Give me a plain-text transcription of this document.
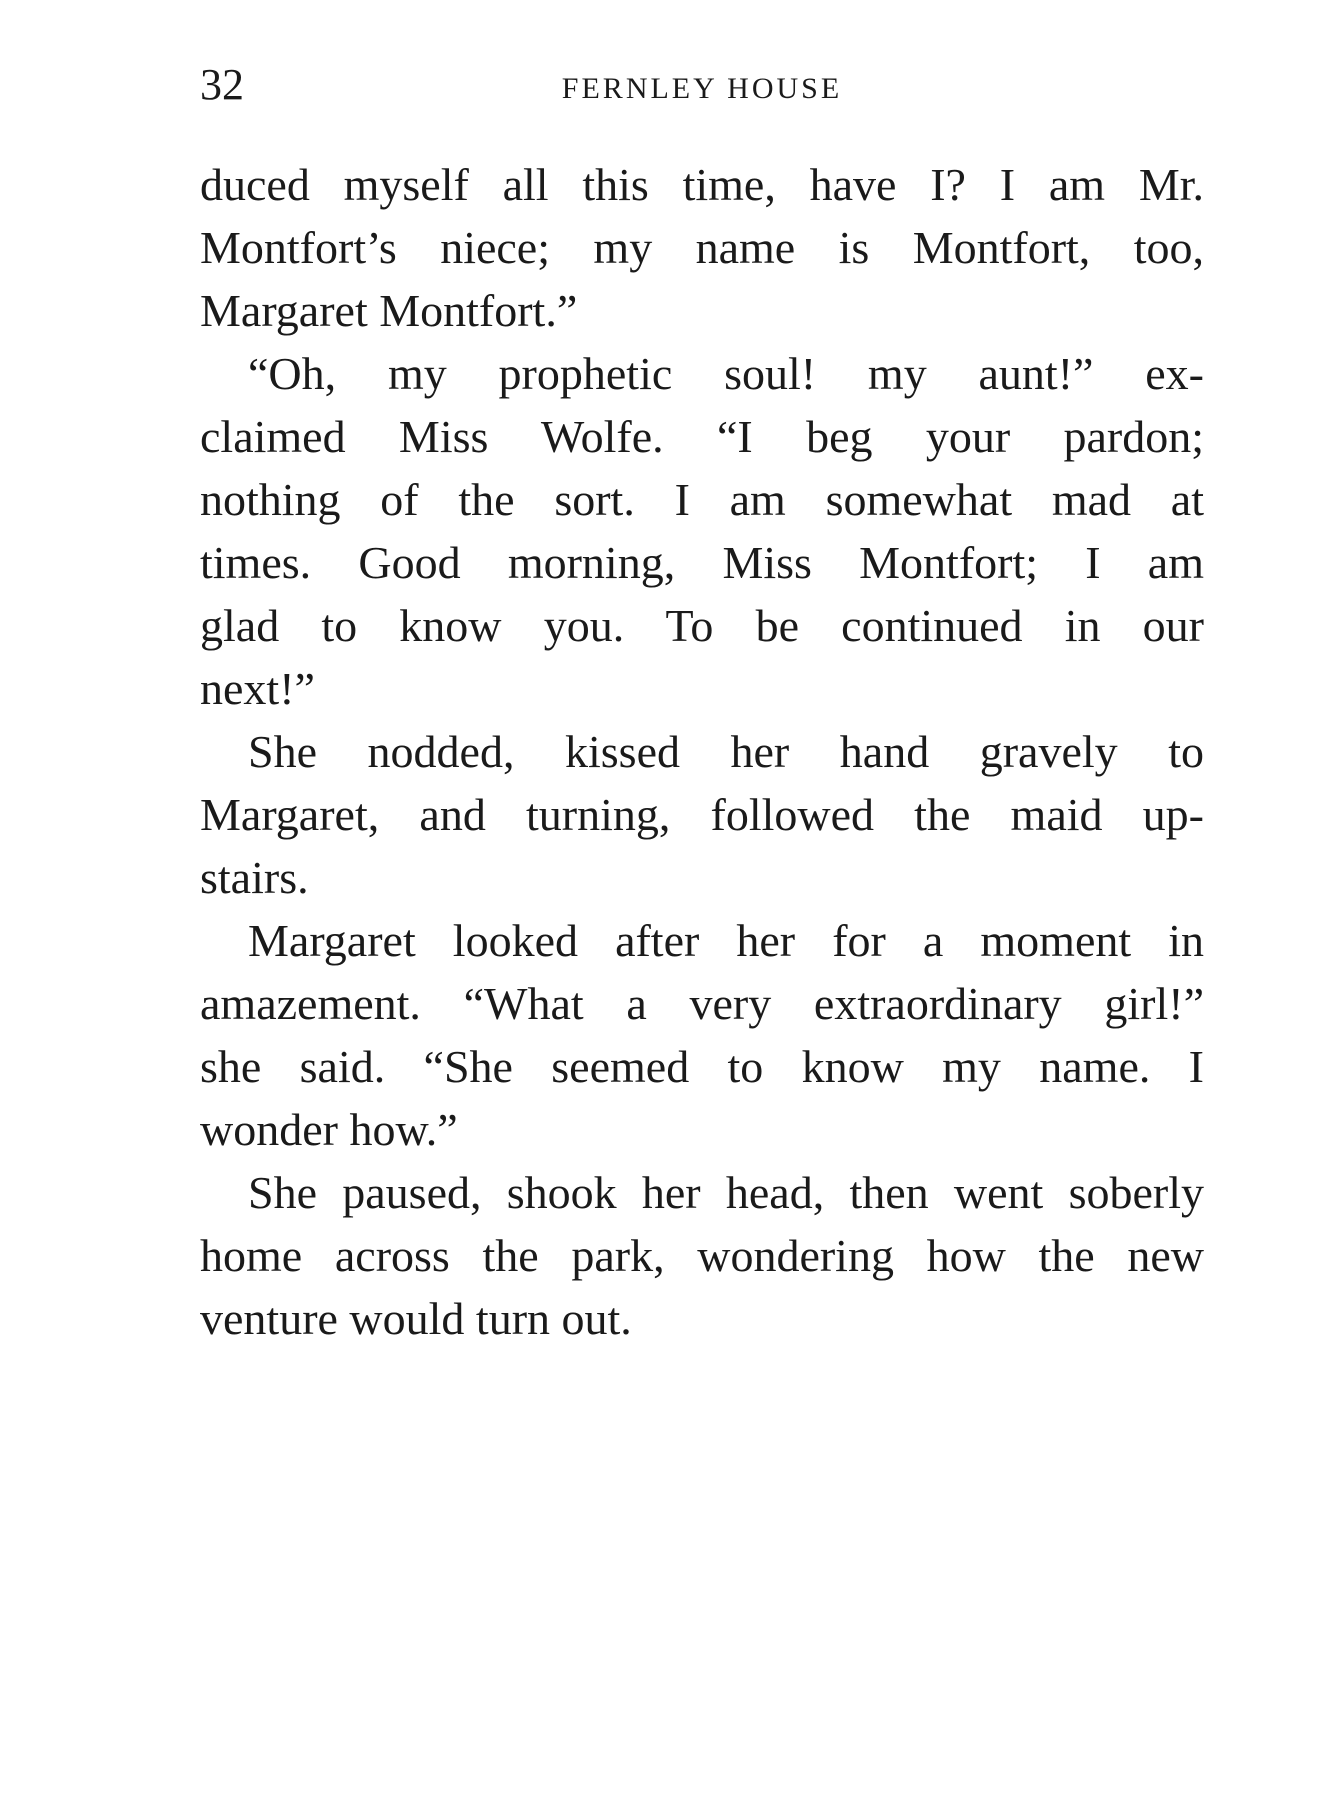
32	FERNLEY HOUSE
duced myself all this time, have I? I am Mr.
Montfort’s niece; my name is Montfort, too,
Margaret Montfort.”
“Oh, my prophetic soul! my aunt!” ex-
claimed Miss Wolfe. “I beg your pardon;
nothing of the sort. I am somewhat mad at
times. Good morning, Miss Montfort; I am
glad to know you. To be continued in our
next!”
She nodded, kissed her hand gravely to
Margaret, and turning, followed the maid up-
stairs.
Margaret looked after her for a moment in
amazement. “What a very extraordinary girl!”
she said. “She seemed to know my name. I
wonder how.”
She paused, shook her head, then went soberly
home across the park, wondering how the new
venture would turn out.
